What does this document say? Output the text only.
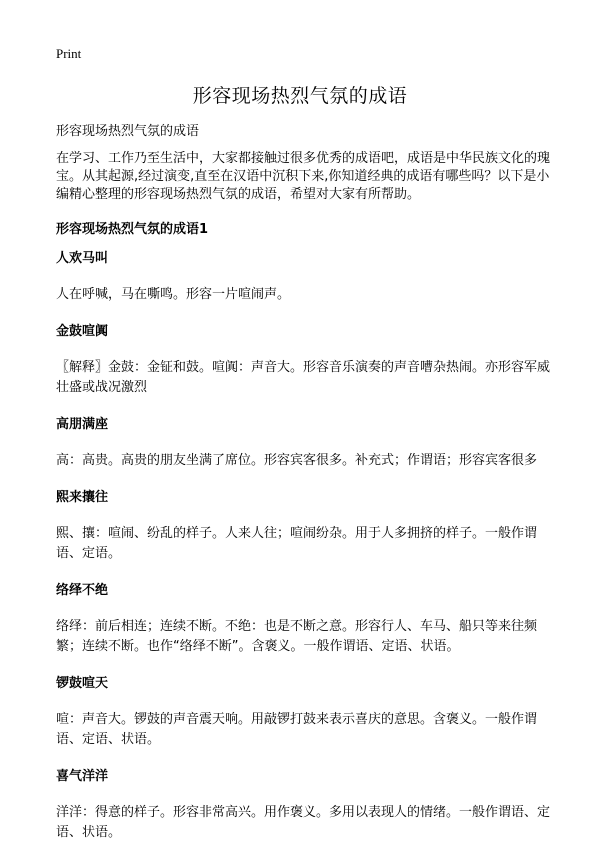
Print
形容现场热烈气氛的成语
形容现场热烈气氛的成语

在学习、工作乃至生活中，大家都接触过很多优秀的成语吧，成语是中华民族文化的瑰宝。从其起源,经过演变,直至在汉语中沉积下来,你知道经典的成语有哪些吗？以下是小编精心整理的形容现场热烈气氛的成语，希望对大家有所帮助。

形容现场热烈气氛的成语1
人欢马叫

人在呼喊，马在嘶鸣。形容一片喧闹声。

金鼓喧阗

〖解释〗金鼓：金钲和鼓。喧阗：声音大。形容音乐演奏的声音嘈杂热闹。亦形容军威壮盛或战况激烈

高朋满座

高：高贵。高贵的朋友坐满了席位。形容宾客很多。补充式；作谓语；形容宾客很多

熙来攘往

熙、攘：喧闹、纷乱的样子。人来人往；喧闹纷杂。用于人多拥挤的样子。一般作谓语、定语。

络绎不绝

络绎：前后相连；连续不断。不绝：也是不断之意。形容行人、车马、船只等来往频繁；连续不断。也作“络绎不断”。含褒义。一般作谓语、定语、状语。

锣鼓喧天

喧：声音大。锣鼓的声音震天响。用敲锣打鼓来表示喜庆的意思。含褒义。一般作谓语、定语、状语。

喜气洋洋

洋洋：得意的样子。形容非常高兴。用作褒义。多用以表现人的情绪。一般作谓语、定语、状语。
